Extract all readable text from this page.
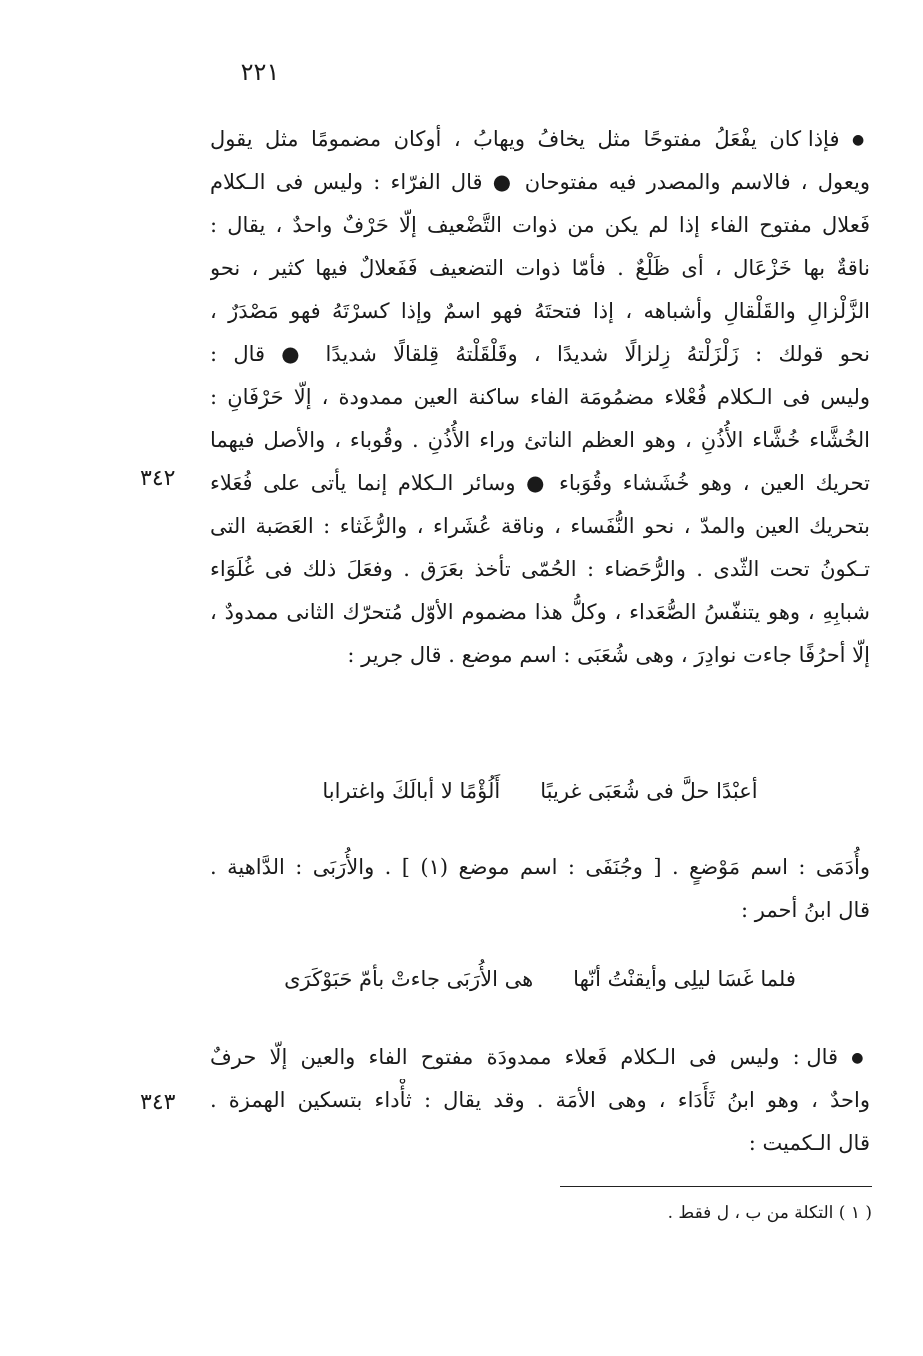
٢٢١
● فإذا كان يفْعَلُ مفتوحًا مثل يخافُ ويهابُ ، أوكان مضمومًا مثل يقول
ويعول ، فالاسم والمصدر فيه مفتوحان ● قال الفرّاء : وليس فى الـكلام
فَعلال مفتوح الفاء إذا لم يكن من ذوات التَّضْعيف إلّا حَرْفٌ واحدٌ ، يقال :
ناقةٌ بها خَزْعَال ، أى ظَلْعٌ . فأمّا ذوات التضعيف فَفَعلالٌ فيها كثير ، نحو
الزَّلْزالِ والقَلْقالِ وأشباهه ، إذا فتحتَهُ فهو اسمٌ وإذا كسرْتَهُ فهو مَصْدَرٌ ،
نحو قولك : زَلْزَلْتهُ زِلزالًا شديدًا ، وقَلْقَلْتهُ قِلقالًا شديدًا ● قال :
وليس فى الـكلام فُعْلاء مضمُومَة الفاء ساكنة العين ممدودة ، إلّا حَرْفَانِ :
الخُشَّاء خُشَّاء الأُذُنِ ، وهو العظم الناتئ وراء الأُذُنِ . وقُوباء ، والأصل فيهما
تحريك العين ، وهو خُشَشاء وقُوَباء ● وسائر الـكلام إنما يأتى على فُعَلاء
بتحريك العين والمدّ ، نحو النُّفَساء ، وناقة عُشَراء ، والرُّغَثاء : العَصَبة التى
تـكونُ تحت الثّدى . والرُّحَضاء : الحُمّى تأخذ بعَرَق . وفعَلَ ذلك فى غُلَوَاء
شبابِهِ ، وهو يتنفّسُ الصُّعَداء ، وكلُّ هذا مضموم الأوّل مُتحرّك الثانى ممدودٌ ،
إلّا أحرُفًا جاءت نوادِرَ ، وهى شُعَبَى : اسم موضع . قال جرير :
٣٤٢
أعبْدًا حلَّ فى شُعَبَى غريبًا
أَلُؤْمًا لا أبالَكَ واغترابا
وأُدَمَى : اسم مَوْضعٍ . [ وجُنَفَى : اسم موضع (١) ] . والأُرَبَى : الدَّاهية .
قال ابنُ أحمر :
فلما غَسَا ليلِى وأيقنْتُ أنّها
هى الأُرَبَى جاءتْ بأمّ حَبَوْكَرَى
● قال : وليس فى الـكلام فَعلاء ممدودَة مفتوح الفاء والعين إلّا حرفٌ
واحدٌ ، وهو ابنُ ثَأَدَاء ، وهى الأمَة . وقد يقال : ثأْداء بتسكين الهمزة .
قال الـكميت :
٣٤٣
( ١ ) التكلة من ب ، ل فقط .
